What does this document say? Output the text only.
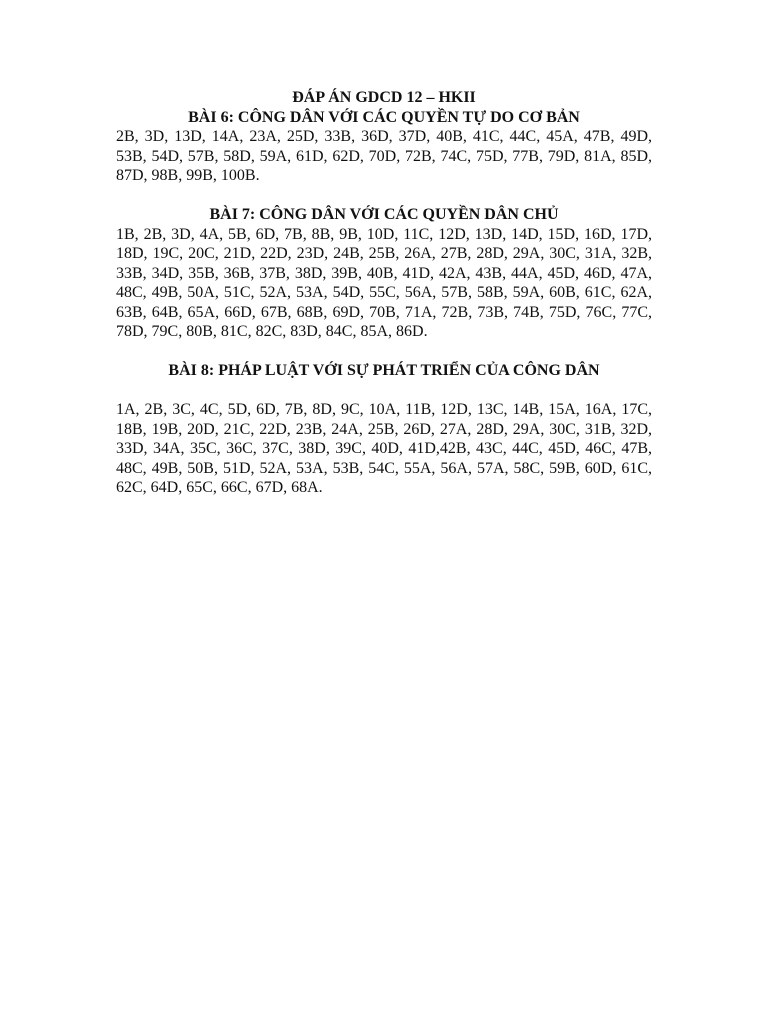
ĐÁP ÁN GDCD 12 – HKII

BÀI 6: CÔNG DÂN VỚI CÁC QUYỀN TỰ DO CƠ BẢN

2B, 3D, 13D, 14A, 23A, 25D, 33B, 36D, 37D, 40B, 41C, 44C, 45A, 47B, 49D, 53B, 54D, 57B, 58D, 59A, 61D, 62D, 70D, 72B, 74C, 75D, 77B, 79D, 81A, 85D, 87D, 98B, 99B, 100B.

BÀI 7: CÔNG DÂN VỚI CÁC QUYỀN DÂN CHỦ

1B, 2B, 3D, 4A, 5B, 6D, 7B, 8B, 9B, 10D, 11C, 12D, 13D, 14D, 15D, 16D, 17D, 18D, 19C, 20C, 21D, 22D, 23D, 24B, 25B, 26A, 27B, 28D, 29A, 30C, 31A, 32B, 33B, 34D, 35B, 36B, 37B, 38D, 39B, 40B, 41D, 42A, 43B, 44A, 45D, 46D, 47A, 48C, 49B, 50A, 51C, 52A, 53A, 54D, 55C, 56A, 57B, 58B, 59A, 60B, 61C, 62A, 63B, 64B, 65A, 66D, 67B, 68B, 69D, 70B, 71A, 72B, 73B, 74B, 75D, 76C, 77C, 78D, 79C, 80B, 81C, 82C, 83D, 84C, 85A, 86D.

BÀI 8: PHÁP LUẬT VỚI SỰ PHÁT TRIỂN CỦA CÔNG DÂN

1A, 2B, 3C, 4C, 5D, 6D, 7B, 8D, 9C, 10A, 11B, 12D, 13C, 14B, 15A, 16A, 17C, 18B, 19B, 20D, 21C, 22D, 23B, 24A, 25B, 26D, 27A, 28D, 29A, 30C, 31B, 32D, 33D, 34A, 35C, 36C, 37C, 38D, 39C, 40D, 41D,42B, 43C, 44C, 45D, 46C, 47B, 48C, 49B, 50B, 51D, 52A, 53A, 53B, 54C, 55A, 56A, 57A, 58C, 59B, 60D, 61C, 62C, 64D, 65C, 66C, 67D, 68A.
